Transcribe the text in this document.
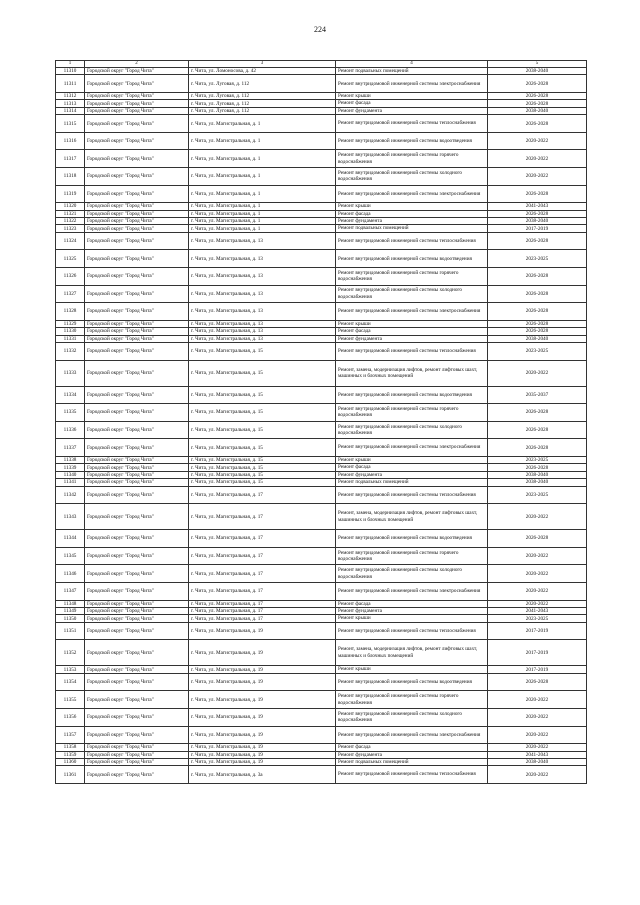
224
1	2	3	4	5
11310	Городской округ "Город Чита"	г. Чита, ул. Ломоносова, д. 42	Ремонт подвальных помещений	2038-2040
11311	Городской округ "Город Чита"	г. Чита, ул. Луговая, д. 112	Ремонт внутридомовой инженерной системы электроснабжения	2026-2028
11312	Городской округ "Город Чита"	г. Чита, ул. Луговая, д. 112	Ремонт крыши	2026-2028
11313	Городской округ "Город Чита"	г. Чита, ул. Луговая, д. 112	Ремонт фасада	2026-2028
11314	Городской округ "Город Чита"	г. Чита, ул. Луговая, д. 112	Ремонт фундамента	2038-2040
11315	Городской округ "Город Чита"	г. Чита, ул. Магистральная, д. 1	Ремонт внутридомовой инженерной системы теплоснабжения	2026-2028
11316	Городской округ "Город Чита"	г. Чита, ул. Магистральная, д. 1	Ремонт внутридомовой инженерной системы водоотведения	2020-2022
11317	Городской округ "Город Чита"	г. Чита, ул. Магистральная, д. 1	Ремонт внутридомовой инженерной системы горячего водоснабжения	2020-2022
11318	Городской округ "Город Чита"	г. Чита, ул. Магистральная, д. 1	Ремонт внутридомовой инженерной системы холодного водоснабжения	2020-2022
11319	Городской округ "Город Чита"	г. Чита, ул. Магистральная, д. 1	Ремонт внутридомовой инженерной системы электроснабжения	2026-2028
11320	Городской округ "Город Чита"	г. Чита, ул. Магистральная, д. 1	Ремонт крыши	2041-2043
11321	Городской округ "Город Чита"	г. Чита, ул. Магистральная, д. 1	Ремонт фасада	2026-2028
11322	Городской округ "Город Чита"	г. Чита, ул. Магистральная, д. 1	Ремонт фундамента	2038-2040
11323	Городской округ "Город Чита"	г. Чита, ул. Магистральная, д. 1	Ремонт подвальных помещений	2017-2019
11324	Городской округ "Город Чита"	г. Чита, ул. Магистральная, д. 13	Ремонт внутридомовой инженерной системы теплоснабжения	2026-2028
11325	Городской округ "Город Чита"	г. Чита, ул. Магистральная, д. 13	Ремонт внутридомовой инженерной системы водоотведения	2023-2025
11326	Городской округ "Город Чита"	г. Чита, ул. Магистральная, д. 13	Ремонт внутридомовой инженерной системы горячего водоснабжения	2026-2028
11327	Городской округ "Город Чита"	г. Чита, ул. Магистральная, д. 13	Ремонт внутридомовой инженерной системы холодного водоснабжения	2026-2028
11328	Городской округ "Город Чита"	г. Чита, ул. Магистральная, д. 13	Ремонт внутридомовой инженерной системы электроснабжения	2026-2028
11329	Городской округ "Город Чита"	г. Чита, ул. Магистральная, д. 13	Ремонт крыши	2026-2028
11330	Городской округ "Город Чита"	г. Чита, ул. Магистральная, д. 13	Ремонт фасада	2026-2028
11331	Городской округ "Город Чита"	г. Чита, ул. Магистральная, д. 13	Ремонт фундамента	2038-2040
11332	Городской округ "Город Чита"	г. Чита, ул. Магистральная, д. 15	Ремонт внутридомовой инженерной системы теплоснабжения	2023-2025
11333	Городской округ "Город Чита"	г. Чита, ул. Магистральная, д. 15	Ремонт, замена, модернизация лифтов, ремонт лифтовых шахт, машинных и блочных помещений	2020-2022
11334	Городской округ "Город Чита"	г. Чита, ул. Магистральная, д. 15	Ремонт внутридомовой инженерной системы водоотведения	2035-2037
11335	Городской округ "Город Чита"	г. Чита, ул. Магистральная, д. 15	Ремонт внутридомовой инженерной системы горячего водоснабжения	2026-2028
11336	Городской округ "Город Чита"	г. Чита, ул. Магистральная, д. 15	Ремонт внутридомовой инженерной системы холодного водоснабжения	2026-2028
11337	Городской округ "Город Чита"	г. Чита, ул. Магистральная, д. 15	Ремонт внутридомовой инженерной системы электроснабжения	2026-2028
11338	Городской округ "Город Чита"	г. Чита, ул. Магистральная, д. 15	Ремонт крыши	2023-2025
11339	Городской округ "Город Чита"	г. Чита, ул. Магистральная, д. 15	Ремонт фасада	2026-2028
11340	Городской округ "Город Чита"	г. Чита, ул. Магистральная, д. 15	Ремонт фундамента	2038-2040
11341	Городской округ "Город Чита"	г. Чита, ул. Магистральная, д. 15	Ремонт подвальных помещений	2038-2040
11342	Городской округ "Город Чита"	г. Чита, ул. Магистральная, д. 17	Ремонт внутридомовой инженерной системы теплоснабжения	2023-2025
11343	Городской округ "Город Чита"	г. Чита, ул. Магистральная, д. 17	Ремонт, замена, модернизация лифтов, ремонт лифтовых шахт, машинных и блочных помещений	2020-2022
11344	Городской округ "Город Чита"	г. Чита, ул. Магистральная, д. 17	Ремонт внутридомовой инженерной системы водоотведения	2026-2028
11345	Городской округ "Город Чита"	г. Чита, ул. Магистральная, д. 17	Ремонт внутридомовой инженерной системы горячего водоснабжения	2020-2022
11346	Городской округ "Город Чита"	г. Чита, ул. Магистральная, д. 17	Ремонт внутридомовой инженерной системы холодного водоснабжения	2020-2022
11347	Городской округ "Город Чита"	г. Чита, ул. Магистральная, д. 17	Ремонт внутридомовой инженерной системы электроснабжения	2020-2022
11348	Городской округ "Город Чита"	г. Чита, ул. Магистральная, д. 17	Ремонт фасада	2020-2022
11349	Городской округ "Город Чита"	г. Чита, ул. Магистральная, д. 17	Ремонт фундамента	2041-2043
11350	Городской округ "Город Чита"	г. Чита, ул. Магистральная, д. 17	Ремонт крыши	2023-2025
11351	Городской округ "Город Чита"	г. Чита, ул. Магистральная, д. 19	Ремонт внутридомовой инженерной системы теплоснабжения	2017-2019
11352	Городской округ "Город Чита"	г. Чита, ул. Магистральная, д. 19	Ремонт, замена, модернизация лифтов, ремонт лифтовых шахт, машинных и блочных помещений	2017-2019
11353	Городской округ "Город Чита"	г. Чита, ул. Магистральная, д. 19	Ремонт крыши	2017-2019
11354	Городской округ "Город Чита"	г. Чита, ул. Магистральная, д. 19	Ремонт внутридомовой инженерной системы водоотведения	2026-2028
11355	Городской округ "Город Чита"	г. Чита, ул. Магистральная, д. 19	Ремонт внутридомовой инженерной системы горячего водоснабжения	2020-2022
11356	Городской округ "Город Чита"	г. Чита, ул. Магистральная, д. 19	Ремонт внутридомовой инженерной системы холодного водоснабжения	2020-2022
11357	Городской округ "Город Чита"	г. Чита, ул. Магистральная, д. 19	Ремонт внутридомовой инженерной системы электроснабжения	2020-2022
11358	Городской округ "Город Чита"	г. Чита, ул. Магистральная, д. 19	Ремонт фасада	2020-2022
11359	Городской округ "Город Чита"	г. Чита, ул. Магистральная, д. 19	Ремонт фундамента	2041-2043
11360	Городской округ "Город Чита"	г. Чита, ул. Магистральная, д. 19	Ремонт подвальных помещений	2038-2040
11361	Городской округ "Город Чита"	г. Чита, ул. Магистральная, д. 3а	Ремонт внутридомовой инженерной системы теплоснабжения	2020-2022
